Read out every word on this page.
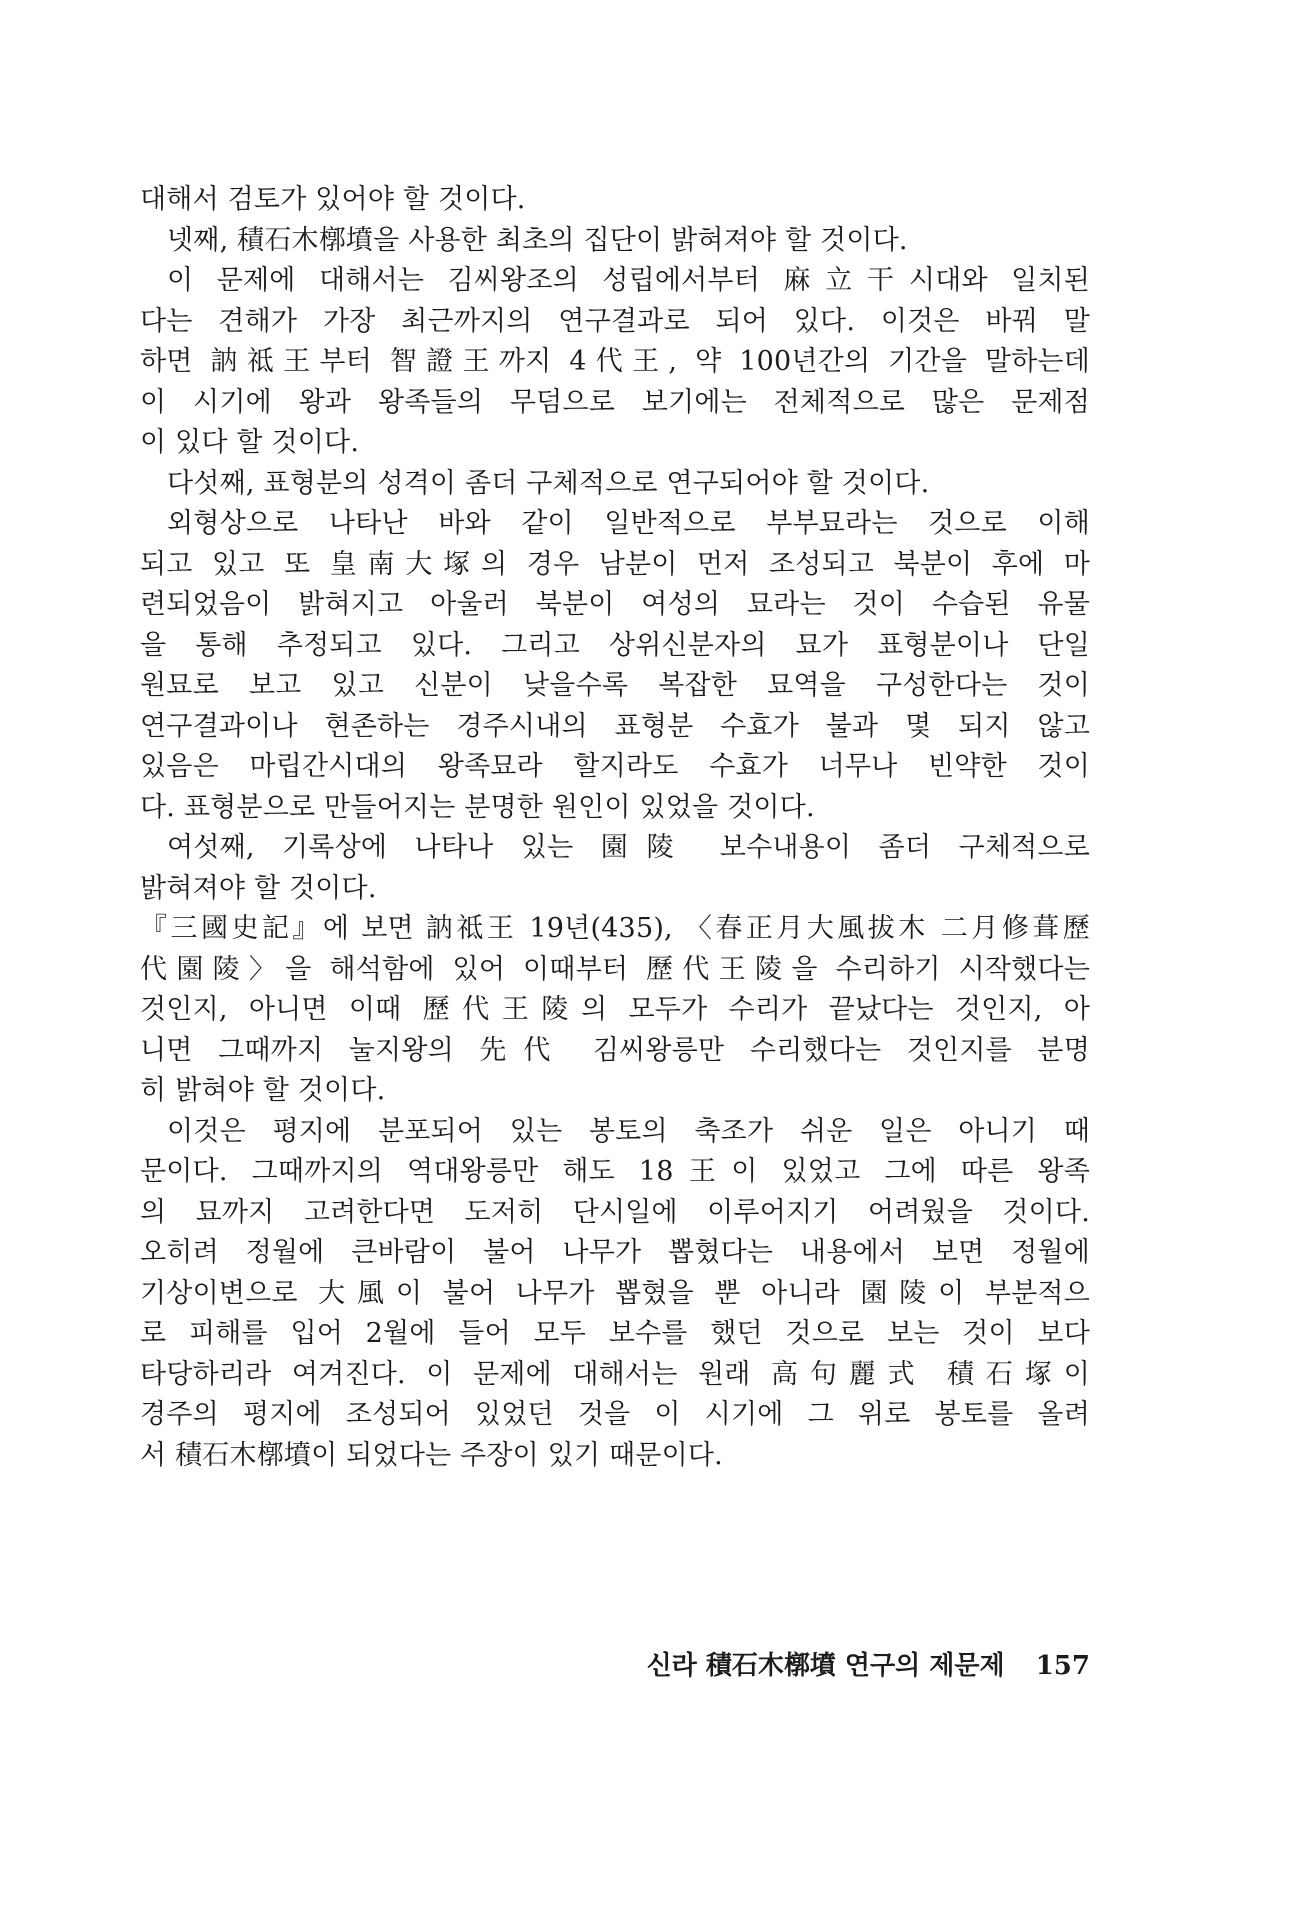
대해서 검토가 있어야 할 것이다.
넷째, 積石木槨墳을 사용한 최초의 집단이 밝혀져야 할 것이다.
이 문제에 대해서는 김씨왕조의 성립에서부터 麻立干시대와 일치된
다는 견해가 가장 최근까지의 연구결과로 되어 있다. 이것은 바꿔 말
하면 訥祗王부터 智證王까지 4代王, 약 100년간의 기간을 말하는데
이 시기에 왕과 왕족들의 무덤으로 보기에는 전체적으로 많은 문제점
이 있다 할 것이다.
다섯째, 표형분의 성격이 좀더 구체적으로 연구되어야 할 것이다.
외형상으로 나타난 바와 같이 일반적으로 부부묘라는 것으로 이해
되고 있고 또 皇南大塚의 경우 남분이 먼저 조성되고 북분이 후에 마
련되었음이 밝혀지고 아울러 북분이 여성의 묘라는 것이 수습된 유물
을 통해 추정되고 있다. 그리고 상위신분자의 묘가 표형분이나 단일
원묘로 보고 있고 신분이 낮을수록 복잡한 묘역을 구성한다는 것이
연구결과이나 현존하는 경주시내의 표형분 수효가 불과 몇 되지 않고
있음은 마립간시대의 왕족묘라 할지라도 수효가 너무나 빈약한 것이
다. 표형분으로 만들어지는 분명한 원인이 있었을 것이다.
여섯째, 기록상에 나타나 있는 園陵 보수내용이 좀더 구체적으로
밝혀져야 할 것이다.
『三國史記』에 보면 訥祗王 19년(435), 〈春正月大風拔木 二月修葺歷
代園陵〉을 해석함에 있어 이때부터 歷代王陵을 수리하기 시작했다는
것인지, 아니면 이때 歷代王陵의 모두가 수리가 끝났다는 것인지, 아
니면 그때까지 눌지왕의 先代 김씨왕릉만 수리했다는 것인지를 분명
히 밝혀야 할 것이다.
이것은 평지에 분포되어 있는 봉토의 축조가 쉬운 일은 아니기 때
문이다. 그때까지의 역대왕릉만 해도 18王이 있었고 그에 따른 왕족
의 묘까지 고려한다면 도저히 단시일에 이루어지기 어려웠을 것이다.
오히려 정월에 큰바람이 불어 나무가 뽑혔다는 내용에서 보면 정월에
기상이변으로 大風이 불어 나무가 뽑혔을 뿐 아니라 園陵이 부분적으
로 피해를 입어 2월에 들어 모두 보수를 했던 것으로 보는 것이 보다
타당하리라 여겨진다. 이 문제에 대해서는 원래 高句麗式 積石塚이
경주의 평지에 조성되어 있었던 것을 이 시기에 그 위로 봉토를 올려
서 積石木槨墳이 되었다는 주장이 있기 때문이다.
신라 積石木槨墳 연구의 제문제 157
